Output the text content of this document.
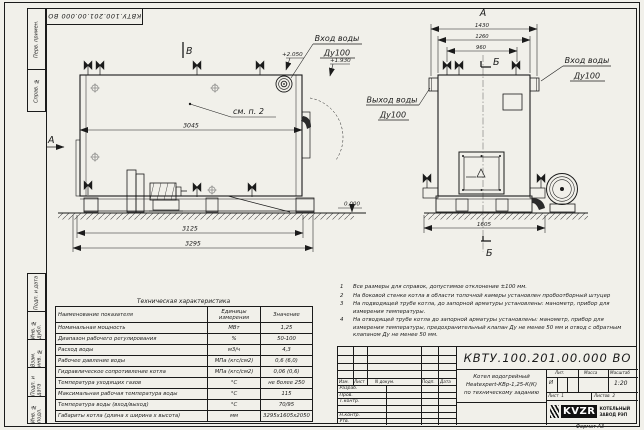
Перв. примен.
Справ. №
Подп. и дата
Инв. № дубл.
Взам. инв. №
Подп. и дата
Инв. № подл.
КВТУ.100.201.00.000 ВО
3045
3125
3295
В
А
см. п. 2
+2.050
+1.930
0.000
Вход воды
Ду100
А
1430
1260
960
1605
Б
Б
Вход воды
Ду100
Выход воды
Ду100
1	Все размеры для справок, допустимое отклонение ±100 мм.
2	На боковой стенке котла в области топочной камеры установлен пробоотборный штуцер
3	На подводящей трубе котла, до запорной арматуры установлены: манометр, прибор для измерения температуры.
4	На отводящей трубе котла до запорной арматуры установлены: манометр, прибор для измерения температуры, предохранительный клапан Ду не менее 50 мм и отвод с обратным клапаном Ду не менее 50 мм.
Техническая характеристика
Наименование показателя	Единицы измерения	Значение
Номинальная мощность	МВт	1,25
Диапазон рабочего регулирования	%	50-100
Расход воды	м3/ч	4,3
Рабочее давление воды	МПа (кгс/см2)	0,6 (6,0)
Гидравлическое сопротивление котла	МПа (кгс/см2)	0,06 (0,6)
Температура уходящих газов	°С	не более 250
Максимальная рабочая температура воды	°С	115
Температура воды (вход/выход)	°С	70/95
Габариты котла (длина х ширина х высота)	мм	3295х1605х2050
КВТУ.100.201.00.000 ВО
Изм. Лист N докум.	Подп. Дата
Разраб.
Пров.
Т.контр.
Н.контр.
Утв.
Котел водогрейный
Heatexpert-КВр-1,25-К(К)
по техническому заданию
Лит.	Масса	Масштаб
И	1:20
Лист 1	Листов 2
KVZR КОТЕЛЬНЫЙ
ЗАВОД РЭП
Формат А3
